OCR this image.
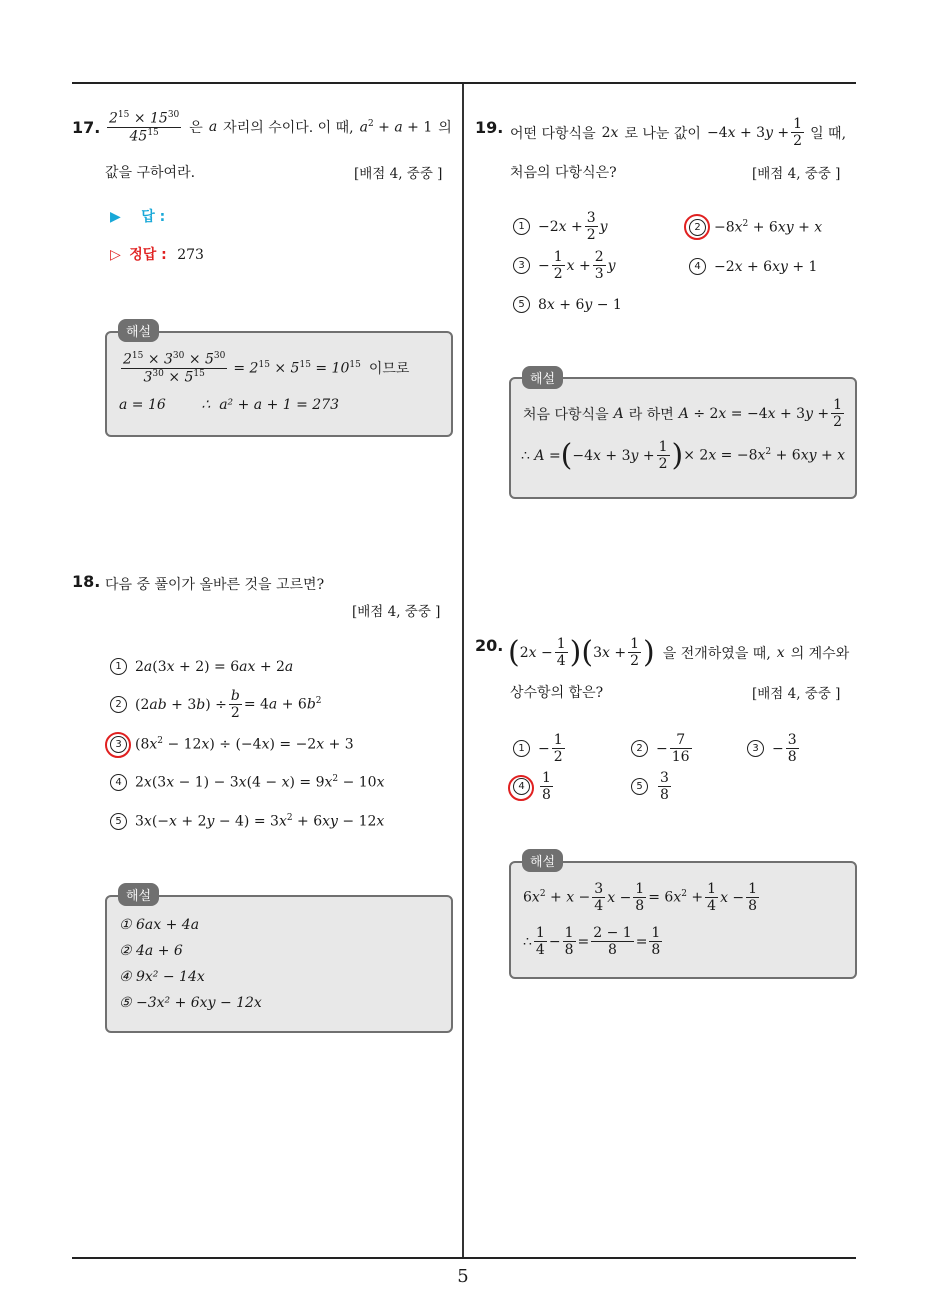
17. $\frac{2^{15} \times 15^{30}}{45^{15}}$ 은 a 자리의 수이다. 이 때, $a^2 + a + 1$ 의
값을 구하여라.	[배점 4, 중중 ]
▶ 답 :
▷ 정답 : 273
$\frac{2^{15} \times 3^{30} \times 5^{30}}{3^{30} \times 5^{15}} = 2^{15} \times 5^{15} = 10^{15}$ 이므로
a = 16        ∴  a² + a + 1 = 273
해설
18. 다음 중 풀이가 올바른 것을 고르면?
[배점 4, 중중 ]
1 2a(3x + 2) = 6ax + 2a
2 $(2ab + 3b) \div \frac{b}{2} = 4a + 6b^2$
3 $(8x^2 - 12x) \div (-4x) = -2x + 3$
4 $2x(3x - 1) - 3x(4 - x) = 9x^2 - 10x$
5 $3x(-x + 2y - 4) = 3x^2 + 6xy - 12x$
① 6ax + 4a
② 4a + 6
④ 9x² − 14x
⑤ −3x² + 6xy − 12x
해설
19. 어떤 다항식을 2x 로 나눈 값이 $-4x + 3y + \frac{1}{2}$ 일 때,
처음의 다항식은?	[배점 4, 중중 ]
$1 -2x + \frac{3}{2}$ y	$2 -8x^2 + 6xy + x$
$3 - \frac{1}{2}$ $x + \frac{2}{3}$ y	4 −2x + 6xy + 1
5 8x + 6y − 1
처음 다항식을 A 라 하면 $A \div 2x = -4x + 3y + \frac{1}{2}$
∴ A = ( $-4x + 3y + \frac{1}{2}$ ) × $2x = -8x^2 + 6xy + x$
해설
20. ( $2x - \frac{1}{4}$ ) ( $3x + \frac{1}{2}$ ) 을 전개하였을 때, x 의 계수와
상수항의 합은?	[배점 4, 중중 ]
$1 - \frac{1}{2}$	$2 - \frac{7}{16}$	$3 - \frac{3}{8}$
4	$\frac{1}{8}$	5	$\frac{3}{8}$
$6x^2 + x - \frac{3}{4}$ $x - \frac{1}{8} = 6x^2 + \frac{1}{4}$ $x - \frac{1}{8}$
∴ $\frac{1}{4} - \frac{1}{8} = \frac{2 - 1}{8} = \frac{1}{8}$
해설
5
